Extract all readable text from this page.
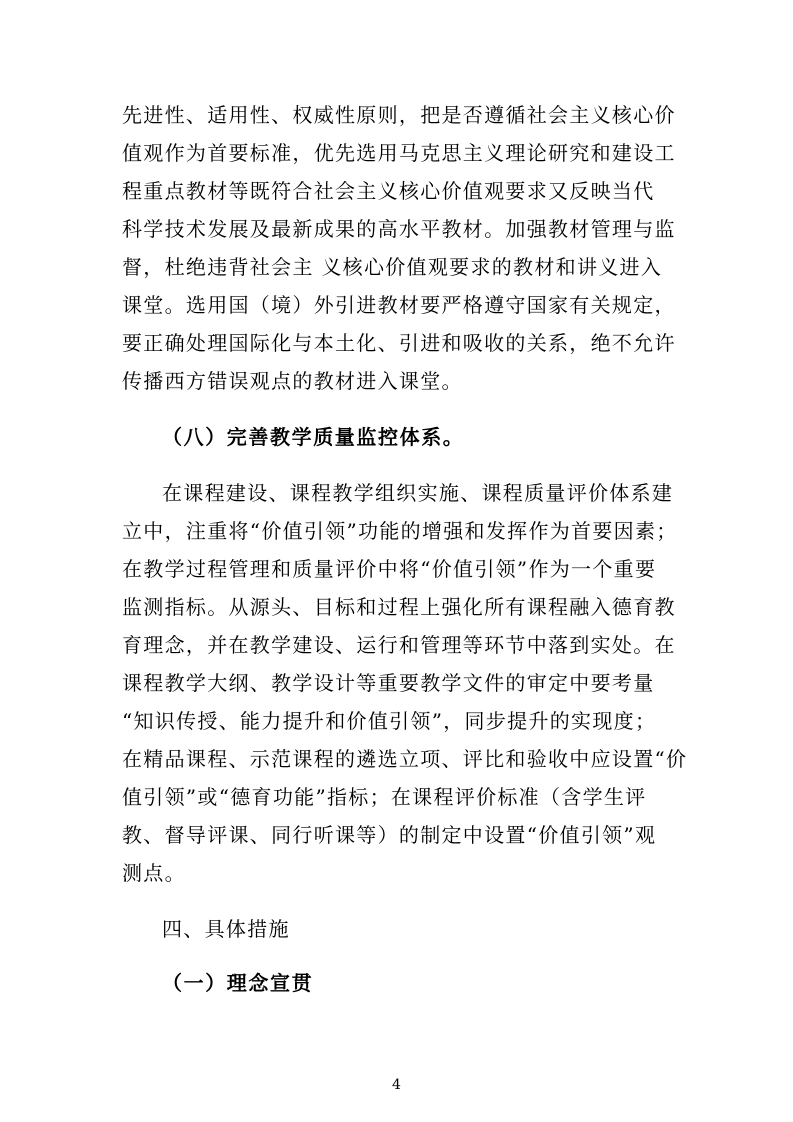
先进性、适用性、权威性原则，把是否遵循社会主义核心价
值观作为首要标准，优先选用马克思主义理论研究和建设工
程重点教材等既符合社会主义核心价值观要求又反映当代
科学技术发展及最新成果的高水平教材。加强教材管理与监
督，杜绝违背社会主 义核心价值观要求的教材和讲义进入
课堂。选用国（境）外引进教材要严格遵守国家有关规定，
要正确处理国际化与本土化、引进和吸收的关系，绝不允许
传播西方错误观点的教材进入课堂。
（八）完善教学质量监控体系。
在课程建设、课程教学组织实施、课程质量评价体系建
立中，注重将“价值引领”功能的增强和发挥作为首要因素；
在教学过程管理和质量评价中将“价值引领”作为一个重要
监测指标。从源头、目标和过程上强化所有课程融入德育教
育理念，并在教学建设、运行和管理等环节中落到实处。在
课程教学大纲、教学设计等重要教学文件的审定中要考量
“知识传授、能力提升和价值引领”，同步提升的实现度；
在精品课程、示范课程的遴选立项、评比和验收中应设置“价
值引领”或“德育功能”指标；在课程评价标准（含学生评
教、督导评课、同行听课等）的制定中设置“价值引领”观
测点。
四、具体措施
（一）理念宣贯
4
